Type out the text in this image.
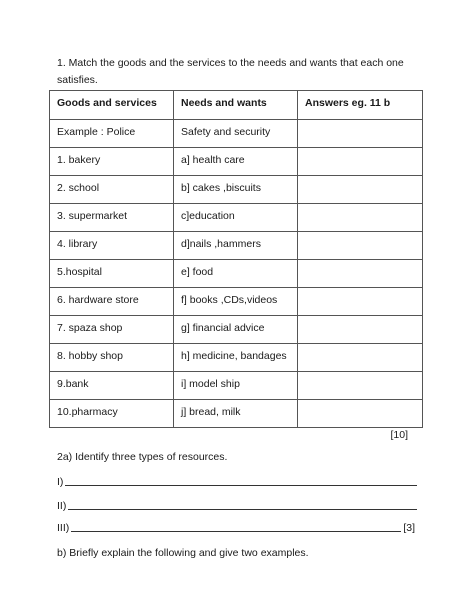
1. Match the goods and the services to the needs and wants that each one satisfies.
Goods and services	Needs and wants	Answers eg. 11 b
Example : Police	Safety and security	
1. bakery	a] health care	
2. school	b] cakes ,biscuits	
3. supermarket	c]education	
4. library	d]nails ,hammers	
5.hospital	e] food	
6. hardware store	f] books ,CDs,videos	
7. spaza shop	g] financial advice	
8. hobby shop	h] medicine, bandages	
9.bank	i] model ship	
10.pharmacy	j] bread, milk	
[10]
2a) Identify three types of resources.
I)
II)
III)	[3]
b) Briefly explain the following and give two examples.
